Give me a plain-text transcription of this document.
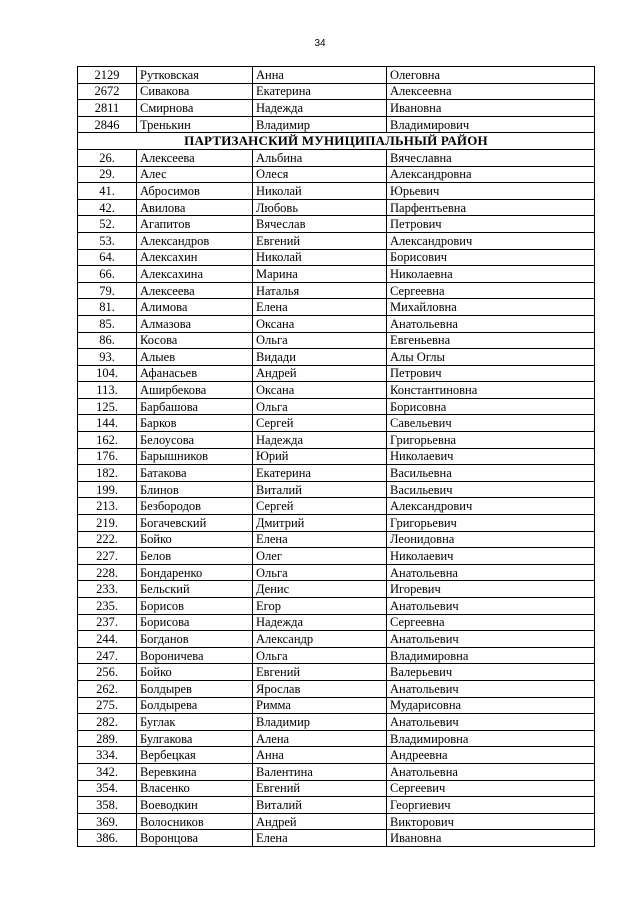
34
2129	Рутковская	Анна	Олеговна
2672	Сивакова	Екатерина	Алексеевна
2811	Смирнова	Надежда	Ивановна
2846	Тренькин	Владимир	Владимирович
ПАРТИЗАНСКИЙ МУНИЦИПАЛЬНЫЙ РАЙОН			
26.	Алексеева	Альбина	Вячеславна
29.	Алес	Олеся	Александровна
41.	Абросимов	Николай	Юрьевич
42.	Авилова	Любовь	Парфентьевна
52.	Агапитов	Вячеслав	Петрович
53.	Александров	Евгений	Александрович
64.	Алексахин	Николай	Борисович
66.	Алексахина	Марина	Николаевна
79.	Алексеева	Наталья	Сергеевна
81.	Алимова	Елена	Михайловна
85.	Алмазова	Оксана	Анатольевна
86.	Косова	Ольга	Евгеньевна
93.	Алыев	Видади	Алы Оглы
104.	Афанасьев	Андрей	Петрович
113.	Аширбекова	Оксана	Константиновна
125.	Барбашова	Ольга	Борисовна
144.	Барков	Сергей	Савельевич
162.	Белоусова	Надежда	Григорьевна
176.	Барышников	Юрий	Николаевич
182.	Батакова	Екатерина	Васильевна
199.	Блинов	Виталий	Васильевич
213.	Безбородов	Сергей	Александрович
219.	Богачевский	Дмитрий	Григорьевич
222.	Бойко	Елена	Леонидовна
227.	Белов	Олег	Николаевич
228.	Бондаренко	Ольга	Анатольевна
233.	Бельский	Денис	Игоревич
235.	Борисов	Егор	Анатольевич
237.	Борисова	Надежда	Сергеевна
244.	Богданов	Александр	Анатольевич
247.	Вороничева	Ольга	Владимировна
256.	Бойко	Евгений	Валерьевич
262.	Болдырев	Ярослав	Анатольевич
275.	Болдырева	Римма	Мударисовна
282.	Буглак	Владимир	Анатольевич
289.	Булгакова	Алена	Владимировна
334.	Вербецкая	Анна	Андреевна
342.	Веревкина	Валентина	Анатольевна
354.	Власенко	Евгений	Сергеевич
358.	Воеводкин	Виталий	Георгиевич
369.	Волосников	Андрей	Викторович
386.	Воронцова	Елена	Ивановна
